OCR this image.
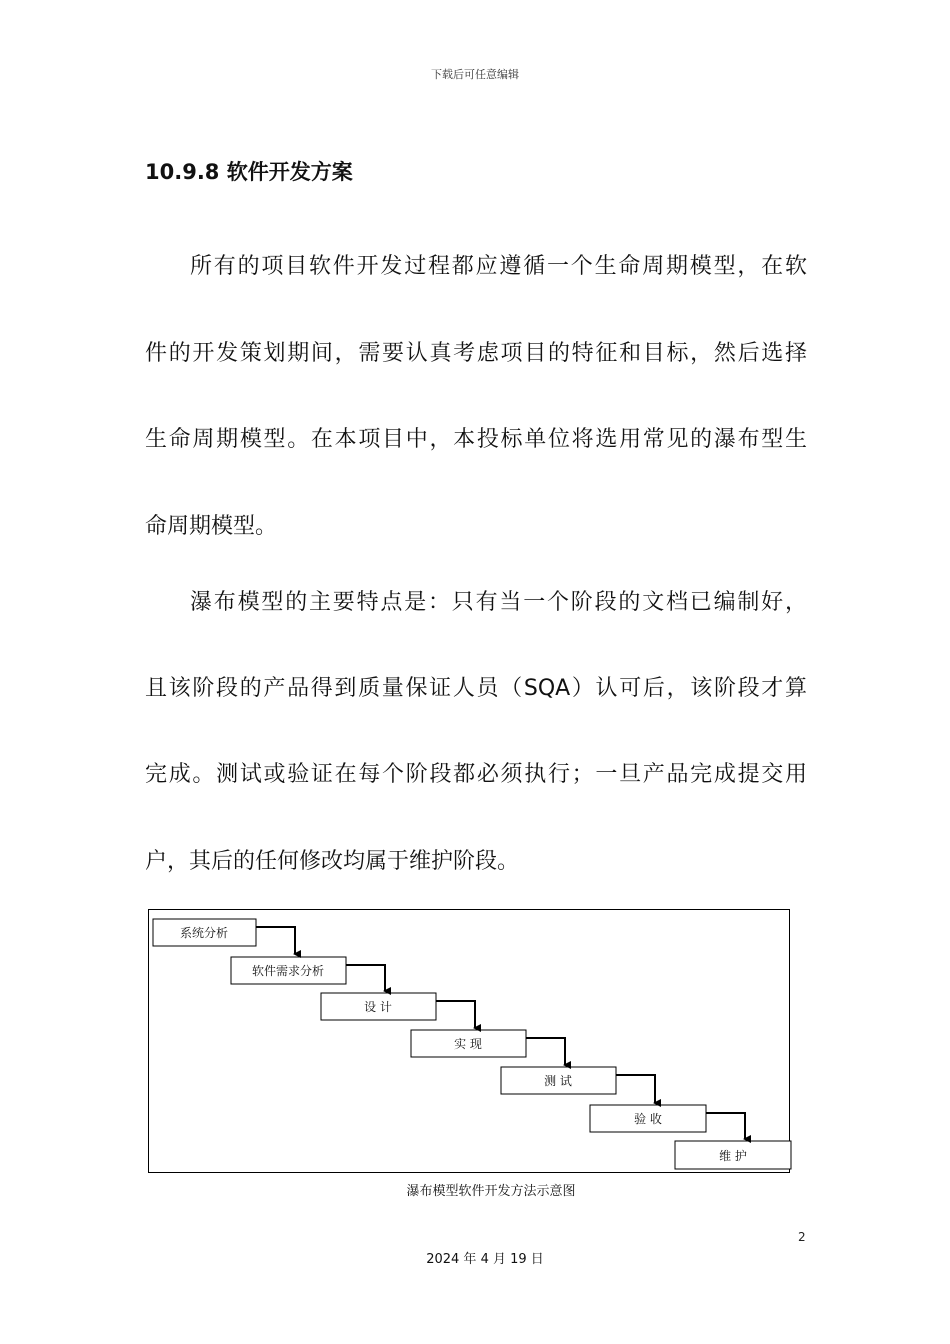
下载后可任意编辑
10.9.8 软件开发方案
所有的项目软件开发过程都应遵循一个生命周期模型，在软
件的开发策划期间，需要认真考虑项目的特征和目标，然后选择
生命周期模型。在本项目中，本投标单位将选用常见的瀑布型生
命周期模型。
瀑布模型的主要特点是：只有当一个阶段的文档已编制好，
且该阶段的产品得到质量保证人员（SQA）认可后，该阶段才算
完成。测试或验证在每个阶段都必须执行；一旦产品完成提交用
户，其后的任何修改均属于维护阶段。
系统分析
软件需求分析
设 计
实 现
测 试
验 收
维 护
瀑布模型软件开发方法示意图
2
2024 年 4 月 19 日
